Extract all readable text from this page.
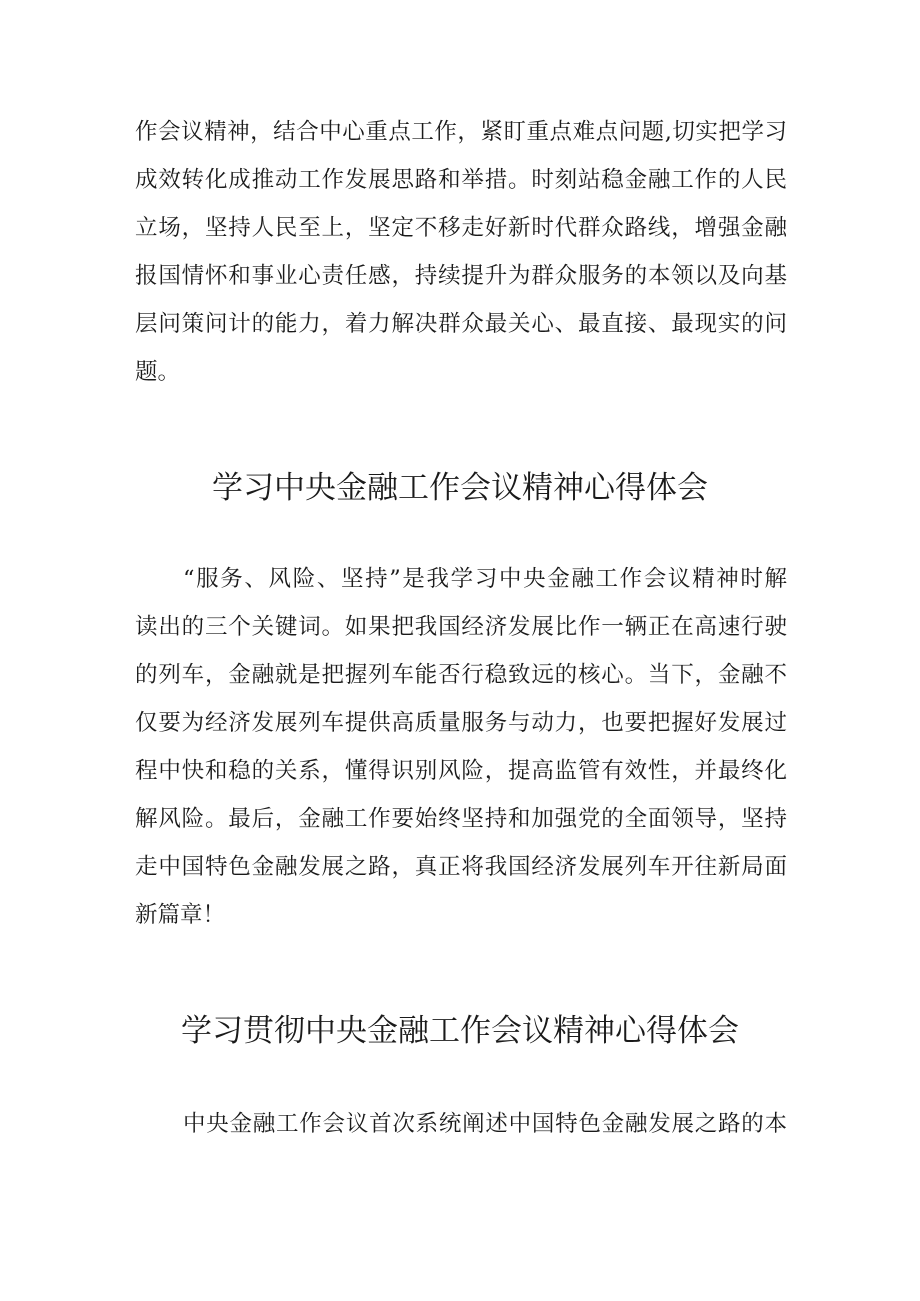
作会议精神，结合中心重点工作，紧盯重点难点问题,切实把学习
成效转化成推动工作发展思路和举措。时刻站稳金融工作的人民
立场，坚持人民至上，坚定不移走好新时代群众路线，增强金融
报国情怀和事业心责任感，持续提升为群众服务的本领以及向基
层问策问计的能力，着力解决群众最关心、最直接、最现实的问
题。
学习中央金融工作会议精神心得体会
“服务、风险、坚持”是我学习中央金融工作会议精神时解
读出的三个关键词。如果把我国经济发展比作一辆正在高速行驶
的列车，金融就是把握列车能否行稳致远的核心。当下，金融不
仅要为经济发展列车提供高质量服务与动力，也要把握好发展过
程中快和稳的关系，懂得识别风险，提高监管有效性，并最终化
解风险。最后，金融工作要始终坚持和加强党的全面领导，坚持
走中国特色金融发展之路，真正将我国经济发展列车开往新局面
新篇章！
学习贯彻中央金融工作会议精神心得体会
中央金融工作会议首次系统阐述中国特色金融发展之路的本
